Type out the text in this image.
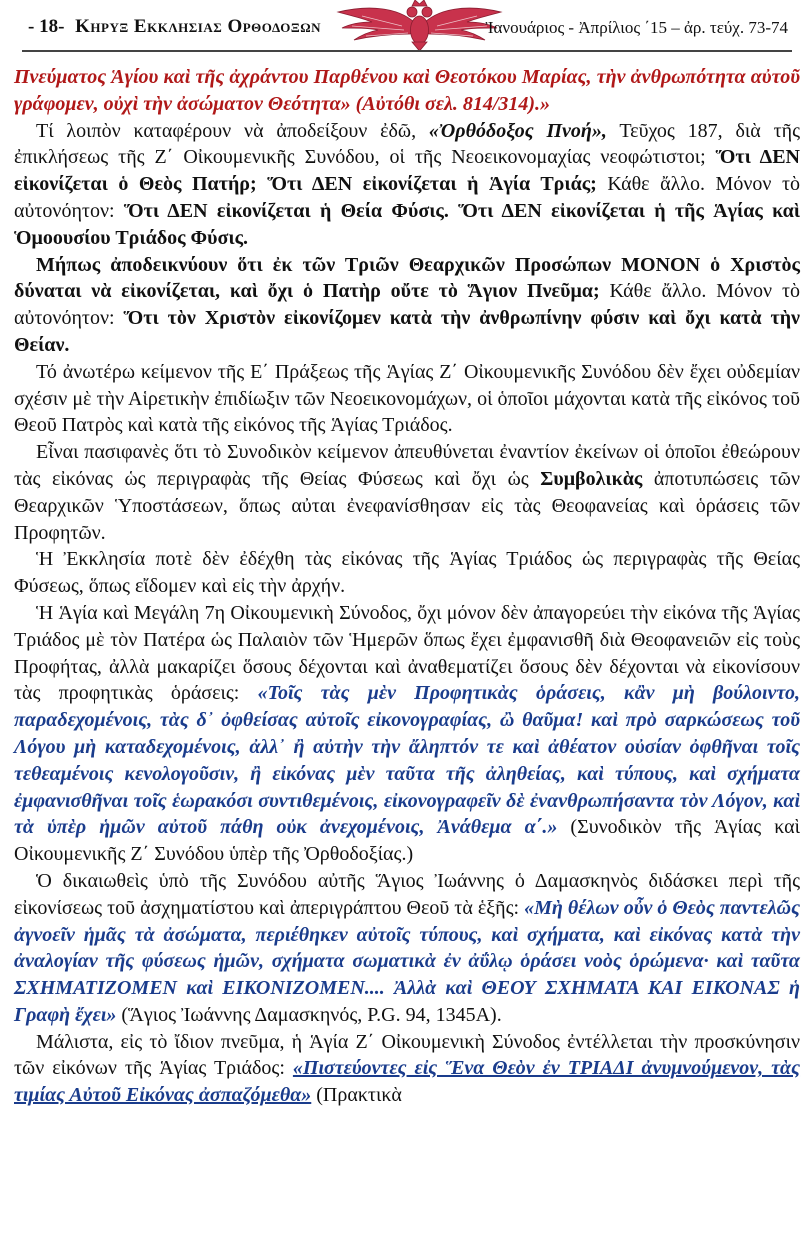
- 18- Κηρυξ Εκκλησιας Ορθοδοξων	Ἰανουάριος - Ἀπρίλιος ΄15 – ἀρ. τεύχ. 73-74

Πνεύματος Ἁγίου καὶ τῆς ἀχράντου Παρθένου καὶ Θεοτόκου Μαρίας, τὴν ἀνθρωπότητα αὐτοῦ γράφομεν, οὐχὶ τὴν ἀσώματον Θεότητα» (Αὐτόθι σελ. 814/314).»

Τί λοιπὸν καταφέρουν νὰ ἀποδείξουν ἐδῶ, «Ὀρθόδοξος Πνοή», Τεῦχος 187, διὰ τῆς ἐπικλήσεως τῆς Ζ΄ Οἰκουμενικῆς Συνόδου, οἱ τῆς Νεοεικονομαχίας νεοφώτιστοι; Ὅτι ΔΕΝ εἰκονίζεται ὁ Θεὸς Πατήρ; Ὅτι ΔΕΝ εἰκονίζεται ἡ Ἁγία Τριάς; Κάθε ἄλλο. Μόνον τὸ αὐτονόητον: Ὅτι ΔΕΝ εἰκονίζεται ἡ Θεία Φύσις. Ὅτι ΔΕΝ εἰκονίζεται ἡ τῆς Ἁγίας καὶ Ὁμοουσίου Τριάδος Φύσις.

Μήπως ἀποδεικνύουν ὅτι ἐκ τῶν Τριῶν Θεαρχικῶν Προσώπων ΜΟΝΟΝ ὁ Χριστὸς δύναται νὰ εἰκονίζεται, καὶ ὄχι ὁ Πατὴρ οὔτε τὸ Ἅγιον Πνεῦμα; Κάθε ἄλλο. Μόνον τὸ αὐτονόητον: Ὅτι τὸν Χριστὸν εἰκονίζομεν κατὰ τὴν ἀνθρωπίνην φύσιν καὶ ὄχι κατὰ τὴν Θείαν.

Τό ἀνωτέρω κείμενον τῆς Ε΄ Πράξεως τῆς Ἁγίας Ζ΄ Οἰκουμενικῆς Συνόδου δὲν ἔχει οὐδεμίαν σχέσιν μὲ τὴν Αἱρετικὴν ἐπιδίωξιν τῶν Νεοεικονομάχων, οἱ ὁποῖοι μάχονται κατὰ τῆς εἰκόνος τοῦ Θεοῦ Πατρὸς καὶ κατὰ τῆς εἰκόνος τῆς Ἁγίας Τριάδος.

Εἶναι πασιφανὲς ὅτι τὸ Συνοδικὸν κείμενον ἀπευθύνεται ἐναντίον ἐκείνων οἱ ὁποῖοι ἐθεώρουν τὰς εἰκόνας ὡς περιγραφὰς τῆς Θείας Φύσεως καὶ ὄχι ὡς Συμβολικὰς ἀποτυπώσεις τῶν Θεαρχικῶν Ὑποστάσεων, ὅπως αὐται ἐνεφανίσθησαν εἰς τὰς Θεοφανείας καὶ ὁράσεις τῶν Προφητῶν.

Ἡ Ἐκκλησία ποτὲ δὲν ἐδέχθη τὰς εἰκόνας τῆς Ἁγίας Τριάδος ὡς περιγραφὰς τῆς Θείας Φύσεως, ὅπως εἴδομεν καὶ εἰς τὴν ἀρχήν.

Ἡ Ἁγία καὶ Μεγάλη 7η Οἰκουμενικὴ Σύνοδος, ὄχι μόνον δὲν ἀπαγορεύει τὴν εἰκόνα τῆς Ἁγίας Τριάδος μὲ τὸν Πατέρα ὡς Παλαιὸν τῶν Ἡμερῶν ὅπως ἔχει ἐμφανισθῆ διὰ Θεοφανειῶν εἰς τοὺς Προφήτας, ἀλλὰ μακαρίζει ὅσους δέχονται καὶ ἀναθεματίζει ὅσους δὲν δέχονται νὰ εἰκονίσουν τὰς προφητικὰς ὁράσεις: «Τοῖς τὰς μὲν Προφητικὰς ὁράσεις, κἂν μὴ βούλοιντο, παραδεχομένοις, τὰς δ᾿ ὀφθείσας αὐτοῖς εἰκονογραφίας, ὢ θαῦμα! καὶ πρὸ σαρκώσεως τοῦ Λόγου μὴ καταδεχομένοις, ἀλλ᾿ ἢ αὐτὴν τὴν ἄληπτόν τε καὶ ἀθέατον οὐσίαν ὀφθῆναι τοῖς τεθεαμένοις κενολογοῦσιν, ἢ εἰκόνας μὲν ταῦτα τῆς ἀληθείας, καὶ τύπους, καὶ σχήματα ἐμφανισθῆναι τοῖς ἑωρακόσι συντιθεμένοις, εἰκονογραφεῖν δὲ ἐνανθρωπήσαντα τὸν Λόγον, καὶ τὰ ὑπὲρ ἡμῶν αὐτοῦ πάθη οὐκ ἀνεχομένοις, Ἀνάθεμα α΄.» (Συνοδικὸν τῆς Ἁγίας καὶ Οἰκουμενικῆς Ζ΄ Συνόδου ὑπὲρ τῆς Ὀρθοδοξίας.)

Ὁ δικαιωθεὶς ὑπὸ τῆς Συνόδου αὐτῆς Ἅγιος Ἰωάννης ὁ Δαμασκηνὸς διδάσκει περὶ τῆς εἰκονίσεως τοῦ ἀσχηματίστου καὶ ἀπεριγράπτου Θεοῦ τὰ ἑξῆς: «Μὴ θέλων οὖν ὁ Θεὸς παντελῶς ἀγνοεῖν ἡμᾶς τὰ ἀσώματα, περιέθηκεν αὐτοῖς τύπους, καὶ σχήματα, καὶ εἰκόνας κατὰ τὴν ἀναλογίαν τῆς φύσεως ἡμῶν, σχήματα σωματικὰ ἐν ἀΰλῳ ὁράσει νοὸς ὁρώμενα· καὶ ταῦτα ΣΧΗΜΑΤΙΖΟΜΕΝ καὶ ΕΙΚΟΝΙΖΟΜΕΝ.... Ἀλλὰ καὶ ΘΕΟΥ ΣΧΗΜΑΤΑ ΚΑΙ ΕΙΚΟΝΑΣ ἡ Γραφὴ ἔχει» (Ἅγιος Ἰωάννης Δαμασκηνός, P.G. 94, 1345A).

Μάλιστα, εἰς τὸ ἴδιον πνεῦμα, ἡ Ἁγία Ζ΄ Οἰκουμενικὴ Σύνοδος ἐντέλλεται τὴν προσκύνησιν τῶν εἰκόνων τῆς Ἁγίας Τριάδος: «Πιστεύοντες εἰς Ἕνα Θεὸν ἐν ΤΡΙΑΔΙ ἀνυμνούμενον, τὰς τιμίας Αὐτοῦ Εἰκόνας ἀσπαζόμεθα» (Πρακτικὰ
